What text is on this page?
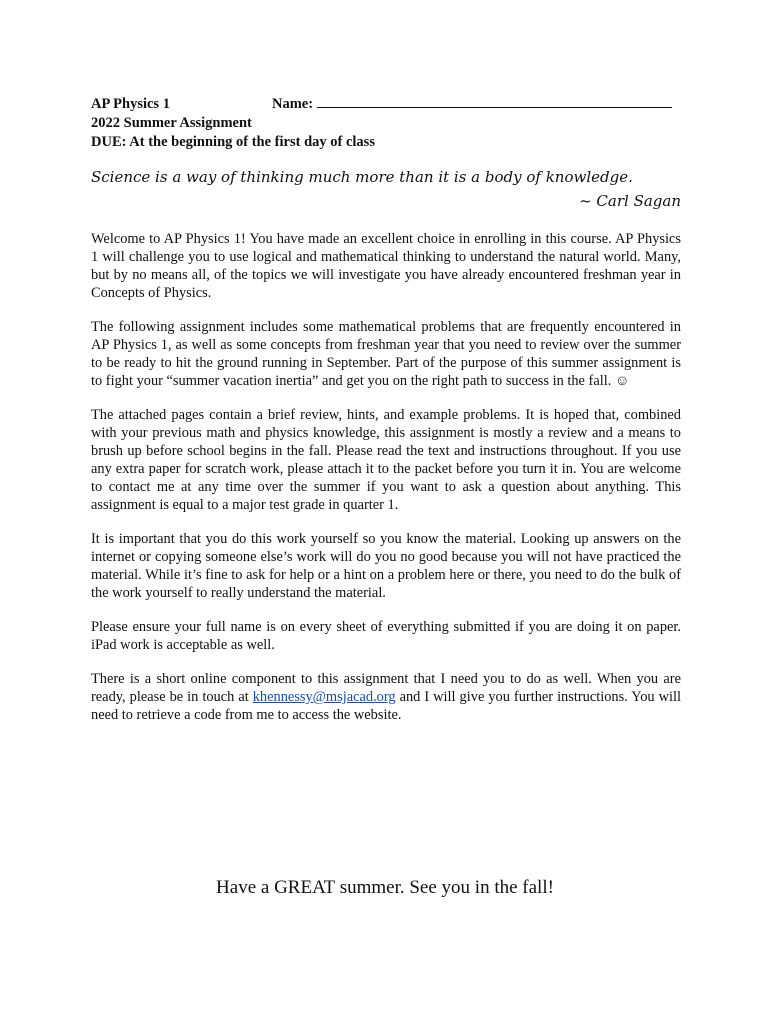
AP Physics 1	Name:
2022 Summer Assignment
DUE: At the beginning of the first day of class
Science is a way of thinking much more than it is a body of knowledge.
~ Carl Sagan

Welcome to AP Physics 1! You have made an excellent choice in enrolling in this course. AP Physics 1 will challenge you to use logical and mathematical thinking to understand the natural world. Many, but by no means all, of the topics we will investigate you have already encountered freshman year in Concepts of Physics.

The following assignment includes some mathematical problems that are frequently encountered in AP Physics 1, as well as some concepts from freshman year that you need to review over the summer to be ready to hit the ground running in September. Part of the purpose of this summer assignment is to fight your “summer vacation inertia” and get you on the right path to success in the fall. ☺

The attached pages contain a brief review, hints, and example problems. It is hoped that, combined with your previous math and physics knowledge, this assignment is mostly a review and a means to brush up before school begins in the fall. Please read the text and instructions throughout. If you use any extra paper for scratch work, please attach it to the packet before you turn it in. You are welcome to contact me at any time over the summer if you want to ask a question about anything. This assignment is equal to a major test grade in quarter 1.

It is important that you do this work yourself so you know the material. Looking up answers on the internet or copying someone else’s work will do you no good because you will not have practiced the material. While it’s fine to ask for help or a hint on a problem here or there, you need to do the bulk of the work yourself to really understand the material.

Please ensure your full name is on every sheet of everything submitted if you are doing it on paper. iPad work is acceptable as well.

There is a short online component to this assignment that I need you to do as well. When you are ready, please be in touch at khennessy@msjacad.org and I will give you further instructions. You will need to retrieve a code from me to access the website.

Have a GREAT summer. See you in the fall!
